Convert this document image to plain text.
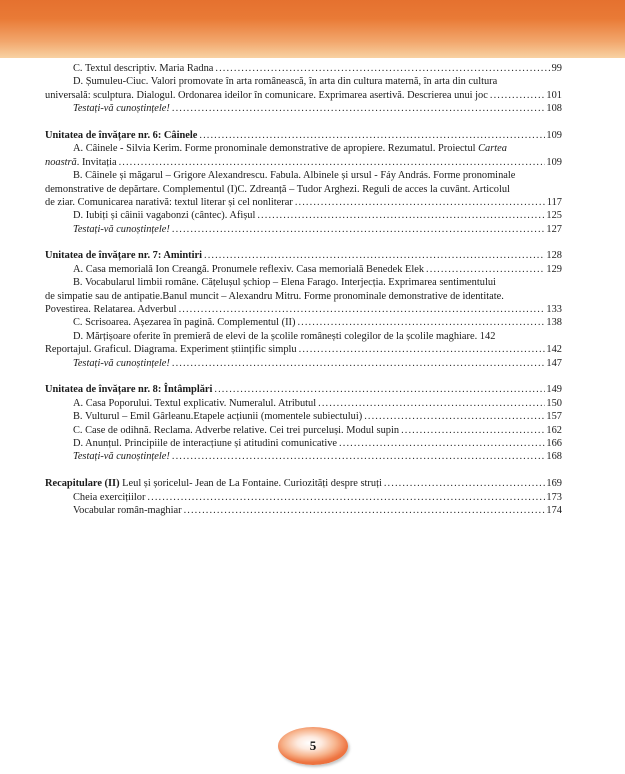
C. Textul descriptiv. Maria Radna .....	99
D. Șumuleu-Ciuc. Valori promovate în arta românească, în arta din cultura maternă, în arta din cultura
universală: sculptura. Dialogul. Ordonarea ideilor în comunicare. Exprimarea asertivă. Descrierea unui joc .....	101
Testați-vă cunoștințele! .....	108
Unitatea de învățare nr. 6: Câinele .....	109
A. Câinele - Silvia Kerim. Forme pronominale demonstrative de apropiere. Rezumatul. Proiectul Cartea
noastră . Invitația .....	109
B. Câinele și măgarul – Grigore Alexandrescu. Fabula. Albinele și ursul - Fáy András. Forme pronominale
demonstrative de depărtare. Complementul (I)C. Zdreanță – Tudor Arghezi. Reguli de acces la cuvânt. Articolul
de ziar. Comunicarea narativă: textul literar și cel nonliterar .....	117
D. Iubiți și câinii vagabonzi (cântec). Afișul .....	125
Testați-vă cunoștințele! .....	127
Unitatea de învățare nr. 7: Amintiri .....	128
A. Casa memorială Ion Creangă. Pronumele reflexiv. Casa memorială Benedek Elek .....	129
B. Vocabularul limbii române. Cățelușul șchiop – Elena Farago. Interjecția. Exprimarea sentimentului
de simpatie sau de antipatie.Banul muncit – Alexandru Mitru. Forme pronominale demonstrative de identitate.
Povestirea. Relatarea. Adverbul .....	133
C. Scrisoarea. Așezarea în pagină. Complementul (II) .....	138
D. Mărțișoare oferite în premieră de elevi de la școlile românești colegilor de la școlile maghiare. 142
Reportajul. Graficul. Diagrama. Experiment științific simplu .....	142
Testați-vă cunoștințele! .....	147
Unitatea de învățare nr. 8: Întâmplări .....	149
A. Casa Poporului. Textul explicativ. Numeralul. Atributul .....	150
B. Vulturul – Emil Gârleanu.Etapele acțiunii (momentele subiectului) .....	157
C. Case de odihnă. Reclama. Adverbe relative. Cei trei purceluși. Modul supin .....	162
D. Anunțul. Principiile de interacțiune și atitudini comunicative .....	166
Testați-vă cunoștințele! .....	168
Recapitulare (II) Leul și șoricelul- Jean de La Fontaine. Curiozități despre struți .....	169
Cheia exercițiilor .....	173
Vocabular român-maghiar .....	174
5
